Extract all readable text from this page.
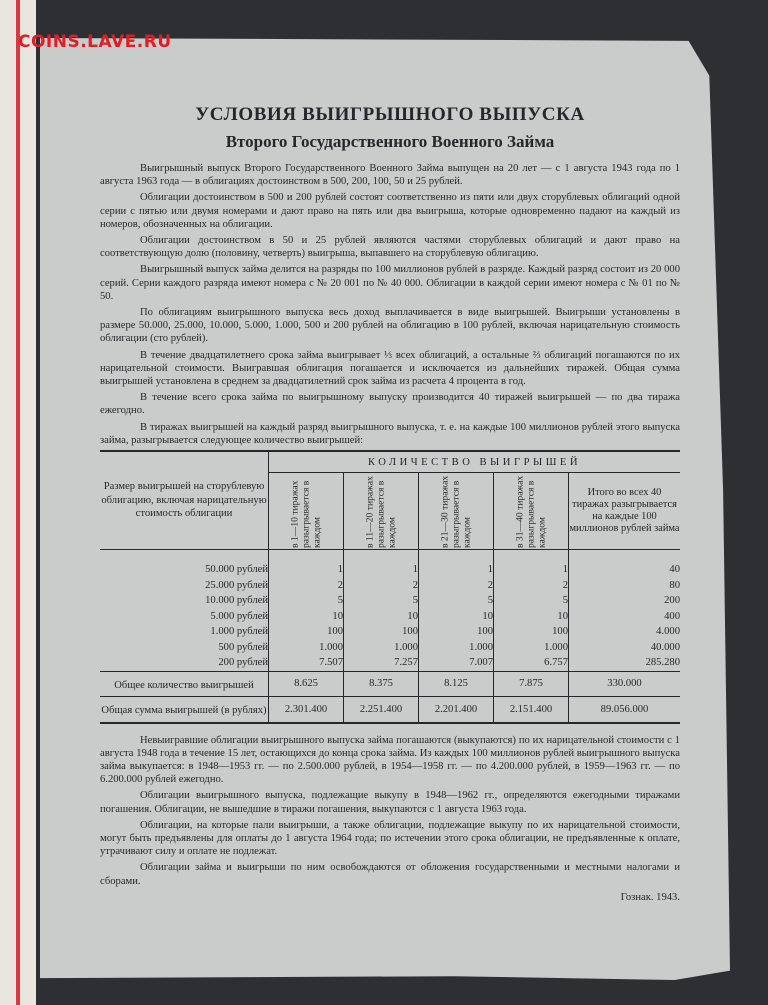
COINS.LAVE.RU
УСЛОВИЯ ВЫИГРЫШНОГО ВЫПУСКА
Второго Государственного Военного Займа

Выигрышный выпуск Второго Государственного Военного Займа выпущен на 20 лет — с 1 августа 1943 года по 1 августа 1963 года — в облигациях достоинством в 500, 200, 100, 50 и 25 рублей.

Облигации достоинством в 500 и 200 рублей состоят соответственно из пяти или двух сторублевых облигаций одной серии с пятью или двумя номерами и дают право на пять или два выигрыша, которые одновременно падают на каждый из номеров, обозначенных на облигации.

Облигации достоинством в 50 и 25 рублей являются частями сторублевых облигаций и дают право на соответствующую долю (половину, четверть) выигрыша, выпавшего на сторублевую облигацию.

Выигрышный выпуск займа делится на разряды по 100 миллионов рублей в разряде. Каждый разряд состоит из 20 000 серий. Серии каждого разряда имеют номера с № 20 001 по № 40 000. Облигации в каждой серии имеют номера с № 01 по № 50.

По облигациям выигрышного выпуска весь доход выплачивается в виде выигрышей. Выигрыши установлены в размере 50.000, 25.000, 10.000, 5.000, 1.000, 500 и 200 рублей на облигацию в 100 рублей, включая нарицательную стоимость облигации (сто рублей).

В течение двадцатилетнего срока займа выигрывает ⅓ всех облигаций, а остальные ⅔ облигаций погашаются по их нарицательной стоимости. Выигравшая облигация погашается и исключается из дальнейших тиражей. Общая сумма выигрышей установлена в среднем за двадцатилетний срок займа из расчета 4 процента в год.

В течение всего срока займа по выигрышному выпуску производится 40 тиражей выигрышей — по два тиража ежегодно.

В тиражах выигрышей на каждый разряд выигрышного выпуска, т. е. на каждые 100 миллионов рублей этого выпуска займа, разыгрывается следующее количество выигрышей:

Размер выигрышей на сторублевую облигацию, включая нарицательную стоимость облигации	КОЛИЧЕСТВО ВЫИГРЫШЕЙ				

	в 1—10 тиражах разыгрывается в каждом	в 11—20 тиражах разыгрывается в каждом	в 21—30 тиражах разыгрывается в каждом	в 31—40 тиражах разыгрывается в каждом	Итого во всех 40 тиражах разыгрывается на каждые 100 миллионов рублей займа

50.000 рублей	1	1	1	1	40
25.000 рублей	2	2	2	2	80
10.000 рублей	5	5	5	5	200
5.000 рублей	10	10	10	10	400
1.000 рублей	100	100	100	100	4.000
500 рублей	1.000	1.000	1.000	1.000	40.000
200 рублей	7.507	7.257	7.007	6.757	285.280
Общее количество выигрышей	8.625	8.375	8.125	7.875	330.000
Общая сумма выигрышей (в рублях)	2.301.400	2.251.400	2.201.400	2.151.400	89.056.000

Невыигравшие облигации выигрышного выпуска займа погашаются (выкупаются) по их нарицательной стоимости с 1 августа 1948 года в течение 15 лет, остающихся до конца срока займа. Из каждых 100 миллионов рублей выигрышного выпуска займа выкупается: в 1948—1953 гг. — по 2.500.000 рублей, в 1954—1958 гг. — по 4.200.000 рублей, в 1959—1963 гг. — по 6.200.000 рублей ежегодно.

Облигации выигрышного выпуска, подлежащие выкупу в 1948—1962 гг., определяются ежегодными тиражами погашения. Облигации, не вышедшие в тиражи погашения, выкупаются с 1 августа 1963 года.

Облигации, на которые пали выигрыши, а также облигации, подлежащие выкупу по их нарицательной стоимости, могут быть предъявлены для оплаты до 1 августа 1964 года; по истечении этого срока облигации, не предъявленные к оплате, утрачивают силу и оплате не подлежат.

Облигации займа и выигрыши по ним освобождаются от обложения государственными и местными налогами и сборами.

Гознак. 1943.
